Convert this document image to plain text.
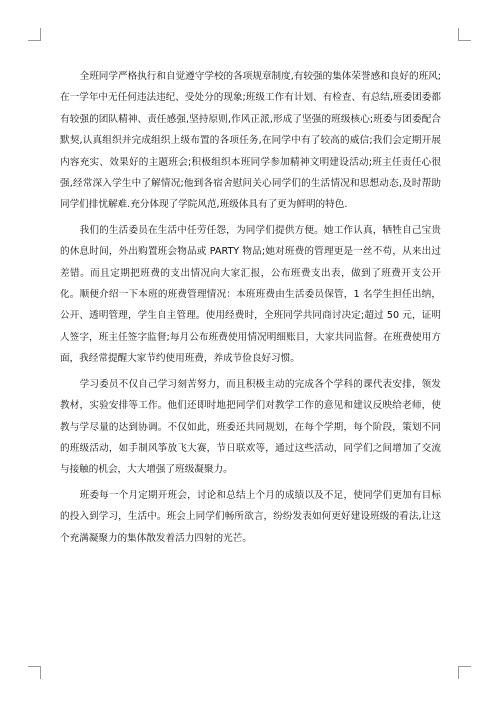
全班同学严格执行和自觉遵守学校的各项规章制度,有较强的集体荣誉感和良好的班风;在一学年中无任何违法违纪、受处分的现象;班级工作有计划、有检查、有总结,班委团委都有较强的团队精神、责任感强,坚持原则,作风正派,形成了坚强的班级核心;班委与团委配合默契,认真组织并完成组织上级布置的各项任务,在同学中有了较高的威信;我们会定期开展内容充实、效果好的主题班会;积极组织本班同学参加精神文明建设活动;班主任责任心很强,经常深入学生中了解情况;他到各宿舍慰问关心同学们的生活情况和思想动态,及时帮助同学们排忧解难.充分体现了学院风范,班级体具有了更为鲜明的特色.

我们的生活委员在生活中任劳任怨，为同学们提供方便。她工作认真，牺牲自己宝贵的休息时间，外出购置班会物品或 PARTY 物品;她对班费的管理更是一丝不苟，从来出过差错。而且定期把班费的支出情况向大家汇报，公布班费支出表，做到了班费开支公开化。顺便介绍一下本班的班费管理情况：本班班费由生活委员保管，1 名学生担任出纳，公开、透明管理，学生自主管理。使用经费时，全班同学共同商讨决定;超过 50 元，证明人签字，班主任签字监督;每月公布班费使用情况明细账目，大家共同监督。在班费使用方面，我经常提醒大家节约使用班费，养成节俭良好习惯。

学习委员不仅自己学习刻苦努力，而且积极主动的完成各个学科的课代表安排，领发教材，实验安排等工作。他们还即时地把同学们对教学工作的意见和建议反映给老师，使教与学尽量的达到协调。不仅如此，班委还共同规划，在每个学期，每个阶段，策划不同的班级活动，如手制风筝放飞大赛，节日联欢等，通过这些活动，同学们之间增加了交流与接触的机会，大大增强了班级凝聚力。

班委每一个月定期开班会，讨论和总结上个月的成绩以及不足，使同学们更加有目标的投入到学习，生活中。班会上同学们畅所欲言，纷纷发表如何更好建设班级的看法,让这个充满凝聚力的集体散发着活力四射的光芒。
